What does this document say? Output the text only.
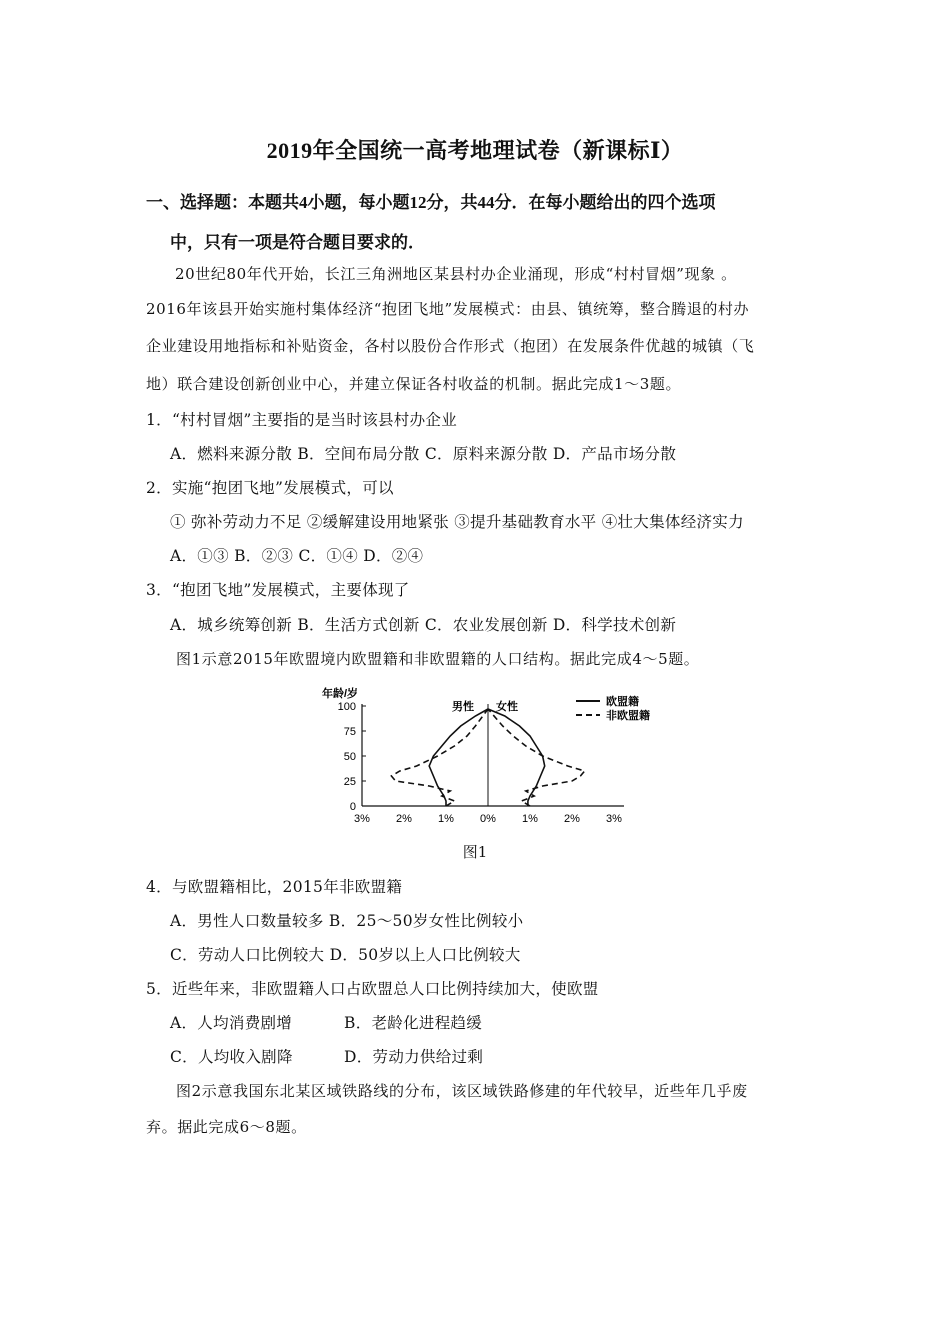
2019年全国统一高考地理试卷（新课标Ⅰ）
一、选择题：本题共4小题，每小题12分，共44分．在每小题给出的四个选项
中，只有一项是符合题目要求的．
20世纪80年代开始，长江三角洲地区某县村办企业涌现，形成“村村冒烟”现象 。
2016年该县开始实施村集体经济“抱团飞地”发展模式：由县、镇统筹，整合腾退的村办
企业建设用地指标和补贴资金，各村以股份合作形式（抱团）在发展条件优越的城镇（飞
地）联合建设创新创业中心，并建立保证各村收益的机制。据此完成1～3题。
1．“村村冒烟”主要指的是当时该县村办企业
A．燃料来源分散 B．空间布局分散 C．原料来源分散 D．产品市场分散
2．实施“抱团飞地”发展模式，可以
① 弥补劳动力不足 ②缓解建设用地紧张 ③提升基础教育水平 ④壮大集体经济实力
A．①③ B．②③ C．①④ D．②④
3．“抱团飞地”发展模式，主要体现了
A．城乡统筹创新 B．生活方式创新 C．农业发展创新 D．科学技术创新
图1示意2015年欧盟境内欧盟籍和非欧盟籍的人口结构。据此完成4～5题。
年龄/岁
男性 女性	欧盟籍
非欧盟籍
100
75
50
25
0
3% 2% 1% 0% 1% 2% 3%
图1
4．与欧盟籍相比，2015年非欧盟籍
A．男性人口数量较多 B．25～50岁女性比例较小
C．劳动人口比例较大 D．50岁以上人口比例较大
5．近些年来，非欧盟籍人口占欧盟总人口比例持续加大，使欧盟
A．人均消费剧增	B．老龄化进程趋缓
C．人均收入剧降	D．劳动力供给过剩
图2示意我国东北某区域铁路线的分布，该区域铁路修建的年代较早，近些年几乎废
弃。据此完成6～8题。
